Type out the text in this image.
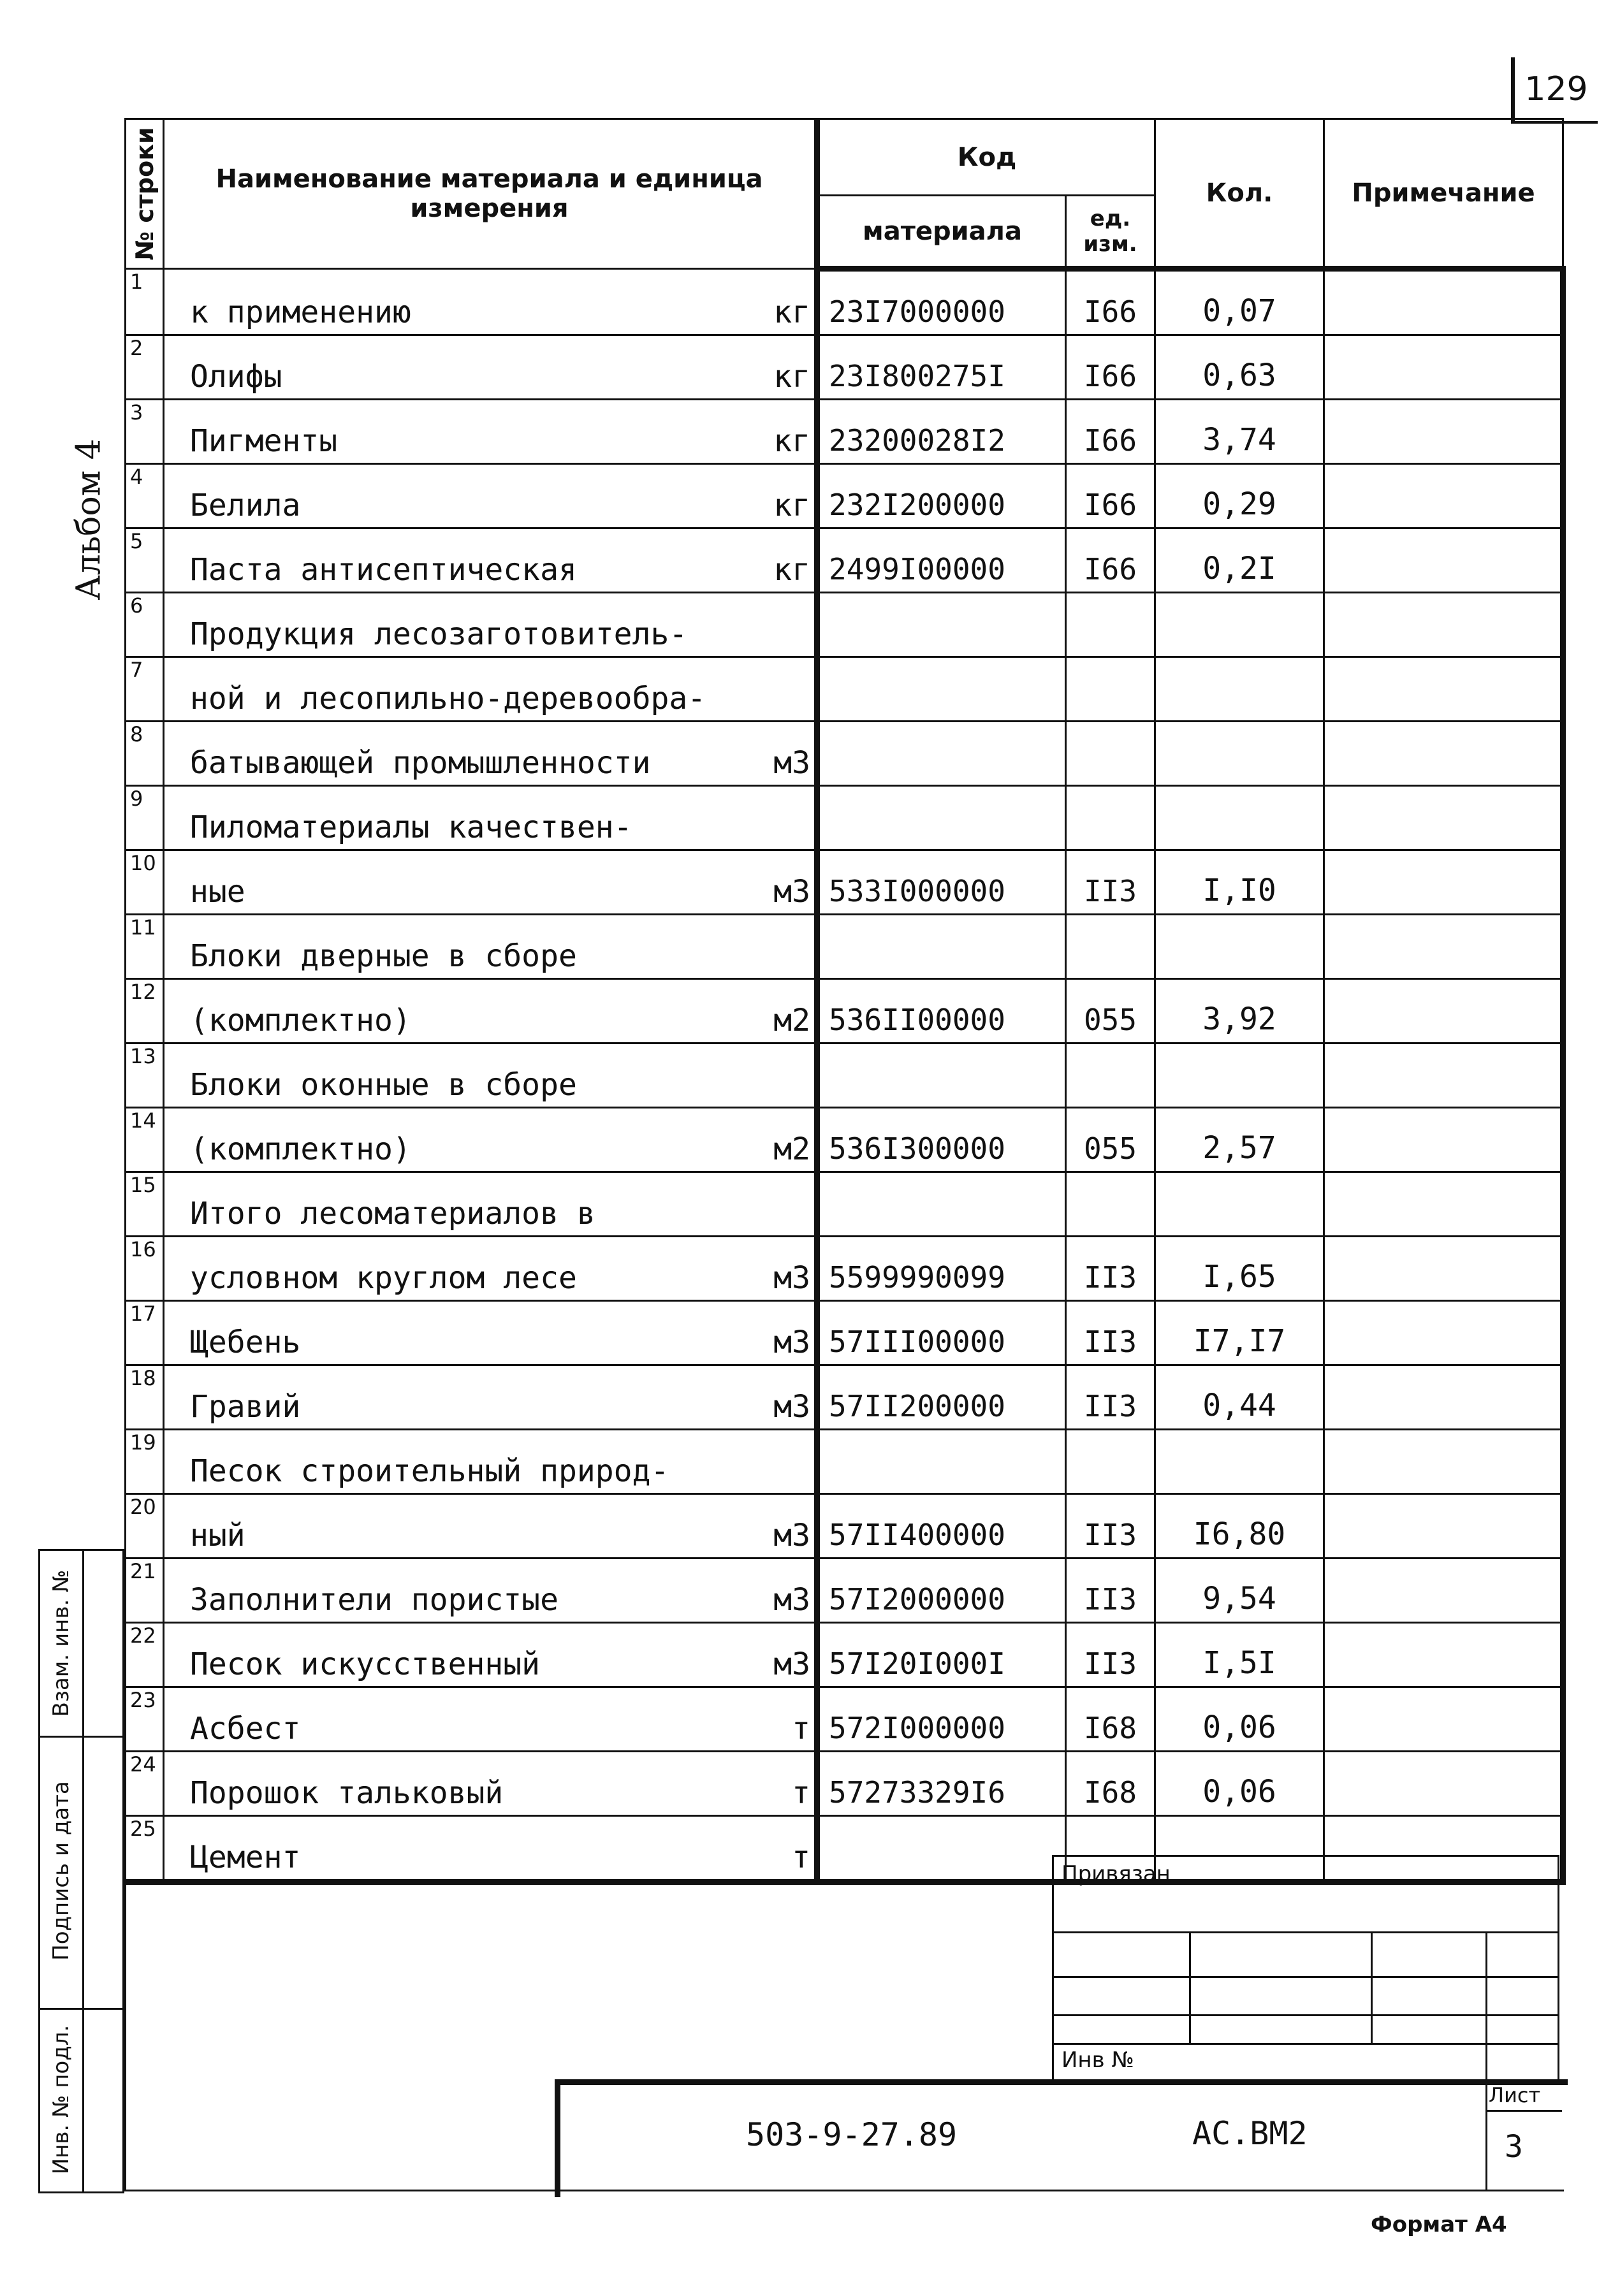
129
Альбом 4
№ строки	Наименование материала и единица измерения	Код		Кол.	Примечание
		материала	ед. изм.		
1	к применению кг	23I7000000	I66	0,07	
2	Олифы кг	23I800275I	I66	0,63	
3	Пигменты кг	23200028I2	I66	3,74	
4	Белила кг	232I200000	I66	0,29	
5	Паста антисептическая кг	2499I00000	I66	0,2I	
6	Продукция лесозаготовитель-				

7	ной и лесопильно-деревообра-				

8	батывающей промышленности м3				

9	Пиломатериалы качествен-				

10	ные м3	533I000000	II3	I,I0	
11	Блоки дверные в сборе				

12	(комплектно) м2	536II00000	055	3,92	
13	Блоки оконные в сборе				

14	(комплектно) м2	536I300000	055	2,57	
15	Итого лесоматериалов в				

16	условном круглом лесе м3	5599990099	II3	I,65	
17	Щебень м3	57III00000	II3	I7,I7	
18	Гравий м3	57II200000	II3	0,44	
19	Песок строительный природ-				

20	ный м3	57II400000	II3	I6,80	
21	Заполнители пористые м3	57I2000000	II3	9,54	
22	Песок искусственный м3	57I20I000I	II3	I,5I	
23	Асбест т	572I000000	I68	0,06	
24	Порошок тальковый т	57273329I6	I68	0,06	
25	Цемент т				

Взам. инв. №
Подпись и дата
Инв. № подл.
Привязан
Инв №
503-9-27.89	АС.ВМ2
Лист
3
Формат А4
